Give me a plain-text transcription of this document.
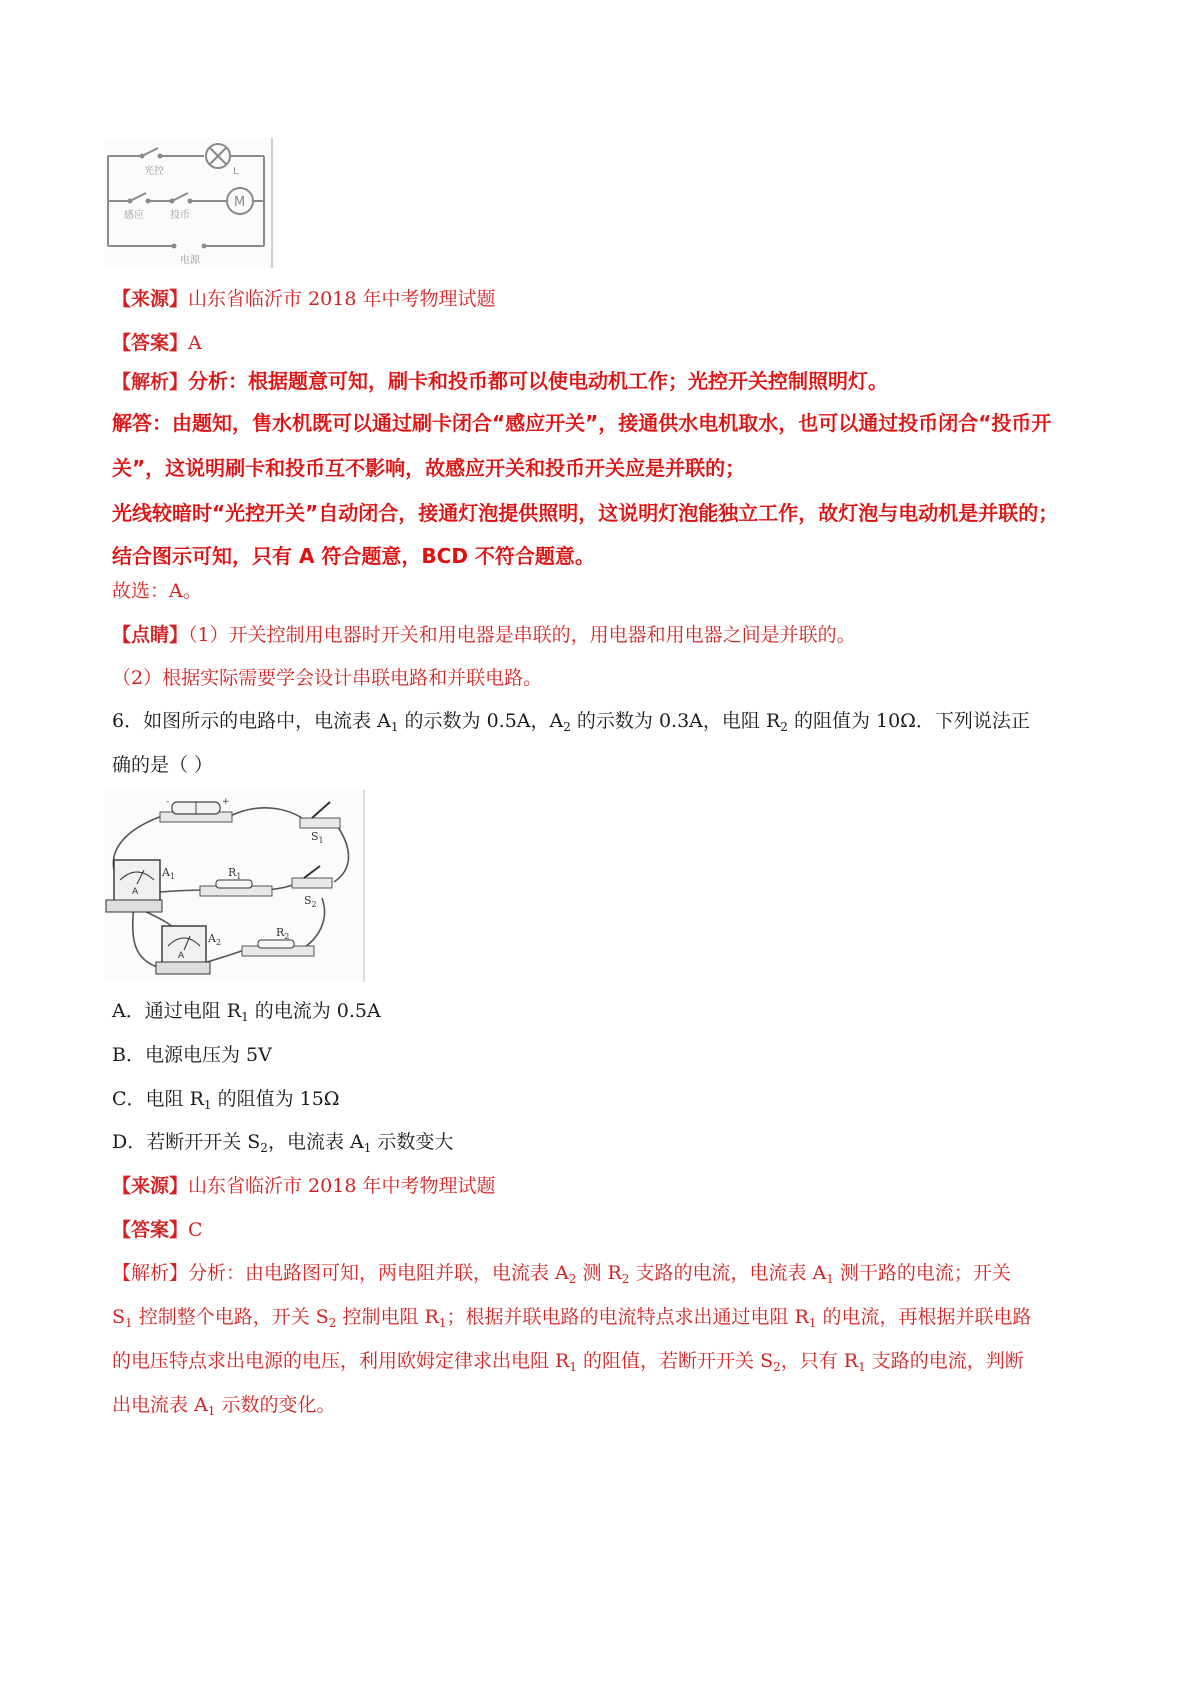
光控	L
感应	投币
M
电源
【来源】山东省临沂市 2018 年中考物理试题
【答案】A
【解析】分析：根据题意可知，刷卡和投币都可以使电动机工作；光控开关控制照明灯。
解答：由题知，售水机既可以通过刷卡闭合“感应开关”，接通供水电机取水，也可以通过投币闭合“投币开
关”，这说明刷卡和投币互不影响，故感应开关和投币开关应是并联的；
光线较暗时“光控开关”自动闭合，接通灯泡提供照明，这说明灯泡能独立工作，故灯泡与电动机是并联的；
结合图示可知，只有 A 符合题意，BCD 不符合题意。
故选：A。
【点睛】（1）开关控制用电器时开关和用电器是串联的，用电器和用电器之间是并联的。
（2）根据实际需要学会设计串联电路和并联电路。
6．如图所示的电路中，电流表 $A_1$ 的示数为 0.5A，$A_2$ 的示数为 0.3A，电阻 $R_2$ 的阻值为 10Ω．下列说法正
确的是（ ）
-	+
$S_1$
A
$A_1$	$R_1$
$S_2$
A
$A_2$
$R_2$
A．通过电阻 $R_1$ 的电流为 0.5A
B．电源电压为 5V
C．电阻 $R_1$ 的阻值为 15Ω
D．若断开开关 $S_2$，电流表 $A_1$ 示数变大
【来源】山东省临沂市 2018 年中考物理试题
【答案】C
【解析】分析：由电路图可知，两电阻并联，电流表 $A_2$ 测 $R_2$ 支路的电流，电流表 $A_1$ 测干路的电流；开关
$S_1$ 控制整个电路，开关 $S_2$ 控制电阻 $R_1$；根据并联电路的电流特点求出通过电阻 $R_1$ 的电流，再根据并联电路
的电压特点求出电源的电压，利用欧姆定律求出电阻 $R_1$ 的阻值，若断开开关 $S_2$，只有 $R_1$ 支路的电流，判断
出电流表 $A_1$ 示数的变化。
